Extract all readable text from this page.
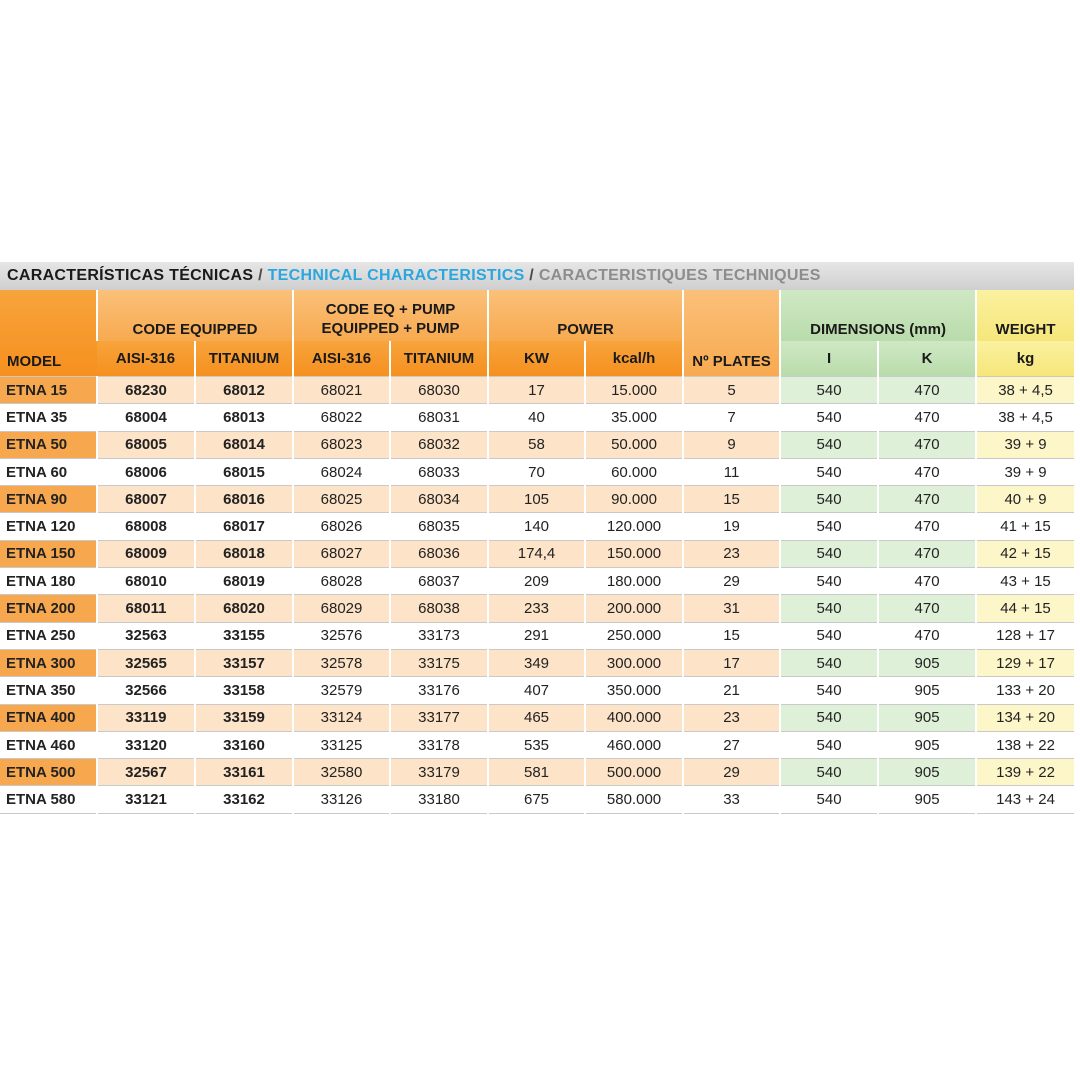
CARACTERÍSTICAS TÉCNICAS / TECHNICAL CHARACTERISTICS / CARACTERISTIQUES TECHNIQUES
MODEL	CODE EQUIPPED		CODE EQ + PUMP
EQUIPPED + PUMP		POWER		Nº PLATES	DIMENSIONS (mm)		WEIGHT
	AISI-316	TITANIUM	AISI-316	TITANIUM	KW	kcal/h		I	K	kg
ETNA 15	68230	68012	68021	68030	17	15.000	5	540	470	38 + 4,5
ETNA 35	68004	68013	68022	68031	40	35.000	7	540	470	38 + 4,5
ETNA 50	68005	68014	68023	68032	58	50.000	9	540	470	39 + 9
ETNA 60	68006	68015	68024	68033	70	60.000	11	540	470	39 + 9
ETNA 90	68007	68016	68025	68034	105	90.000	15	540	470	40 + 9
ETNA 120	68008	68017	68026	68035	140	120.000	19	540	470	41 + 15
ETNA 150	68009	68018	68027	68036	174,4	150.000	23	540	470	42 + 15
ETNA 180	68010	68019	68028	68037	209	180.000	29	540	470	43 + 15
ETNA 200	68011	68020	68029	68038	233	200.000	31	540	470	44 + 15
ETNA 250	32563	33155	32576	33173	291	250.000	15	540	470	128 + 17
ETNA 300	32565	33157	32578	33175	349	300.000	17	540	905	129 + 17
ETNA 350	32566	33158	32579	33176	407	350.000	21	540	905	133 + 20
ETNA 400	33119	33159	33124	33177	465	400.000	23	540	905	134 + 20
ETNA 460	33120	33160	33125	33178	535	460.000	27	540	905	138 + 22
ETNA 500	32567	33161	32580	33179	581	500.000	29	540	905	139 + 22
ETNA 580	33121	33162	33126	33180	675	580.000	33	540	905	143 + 24
